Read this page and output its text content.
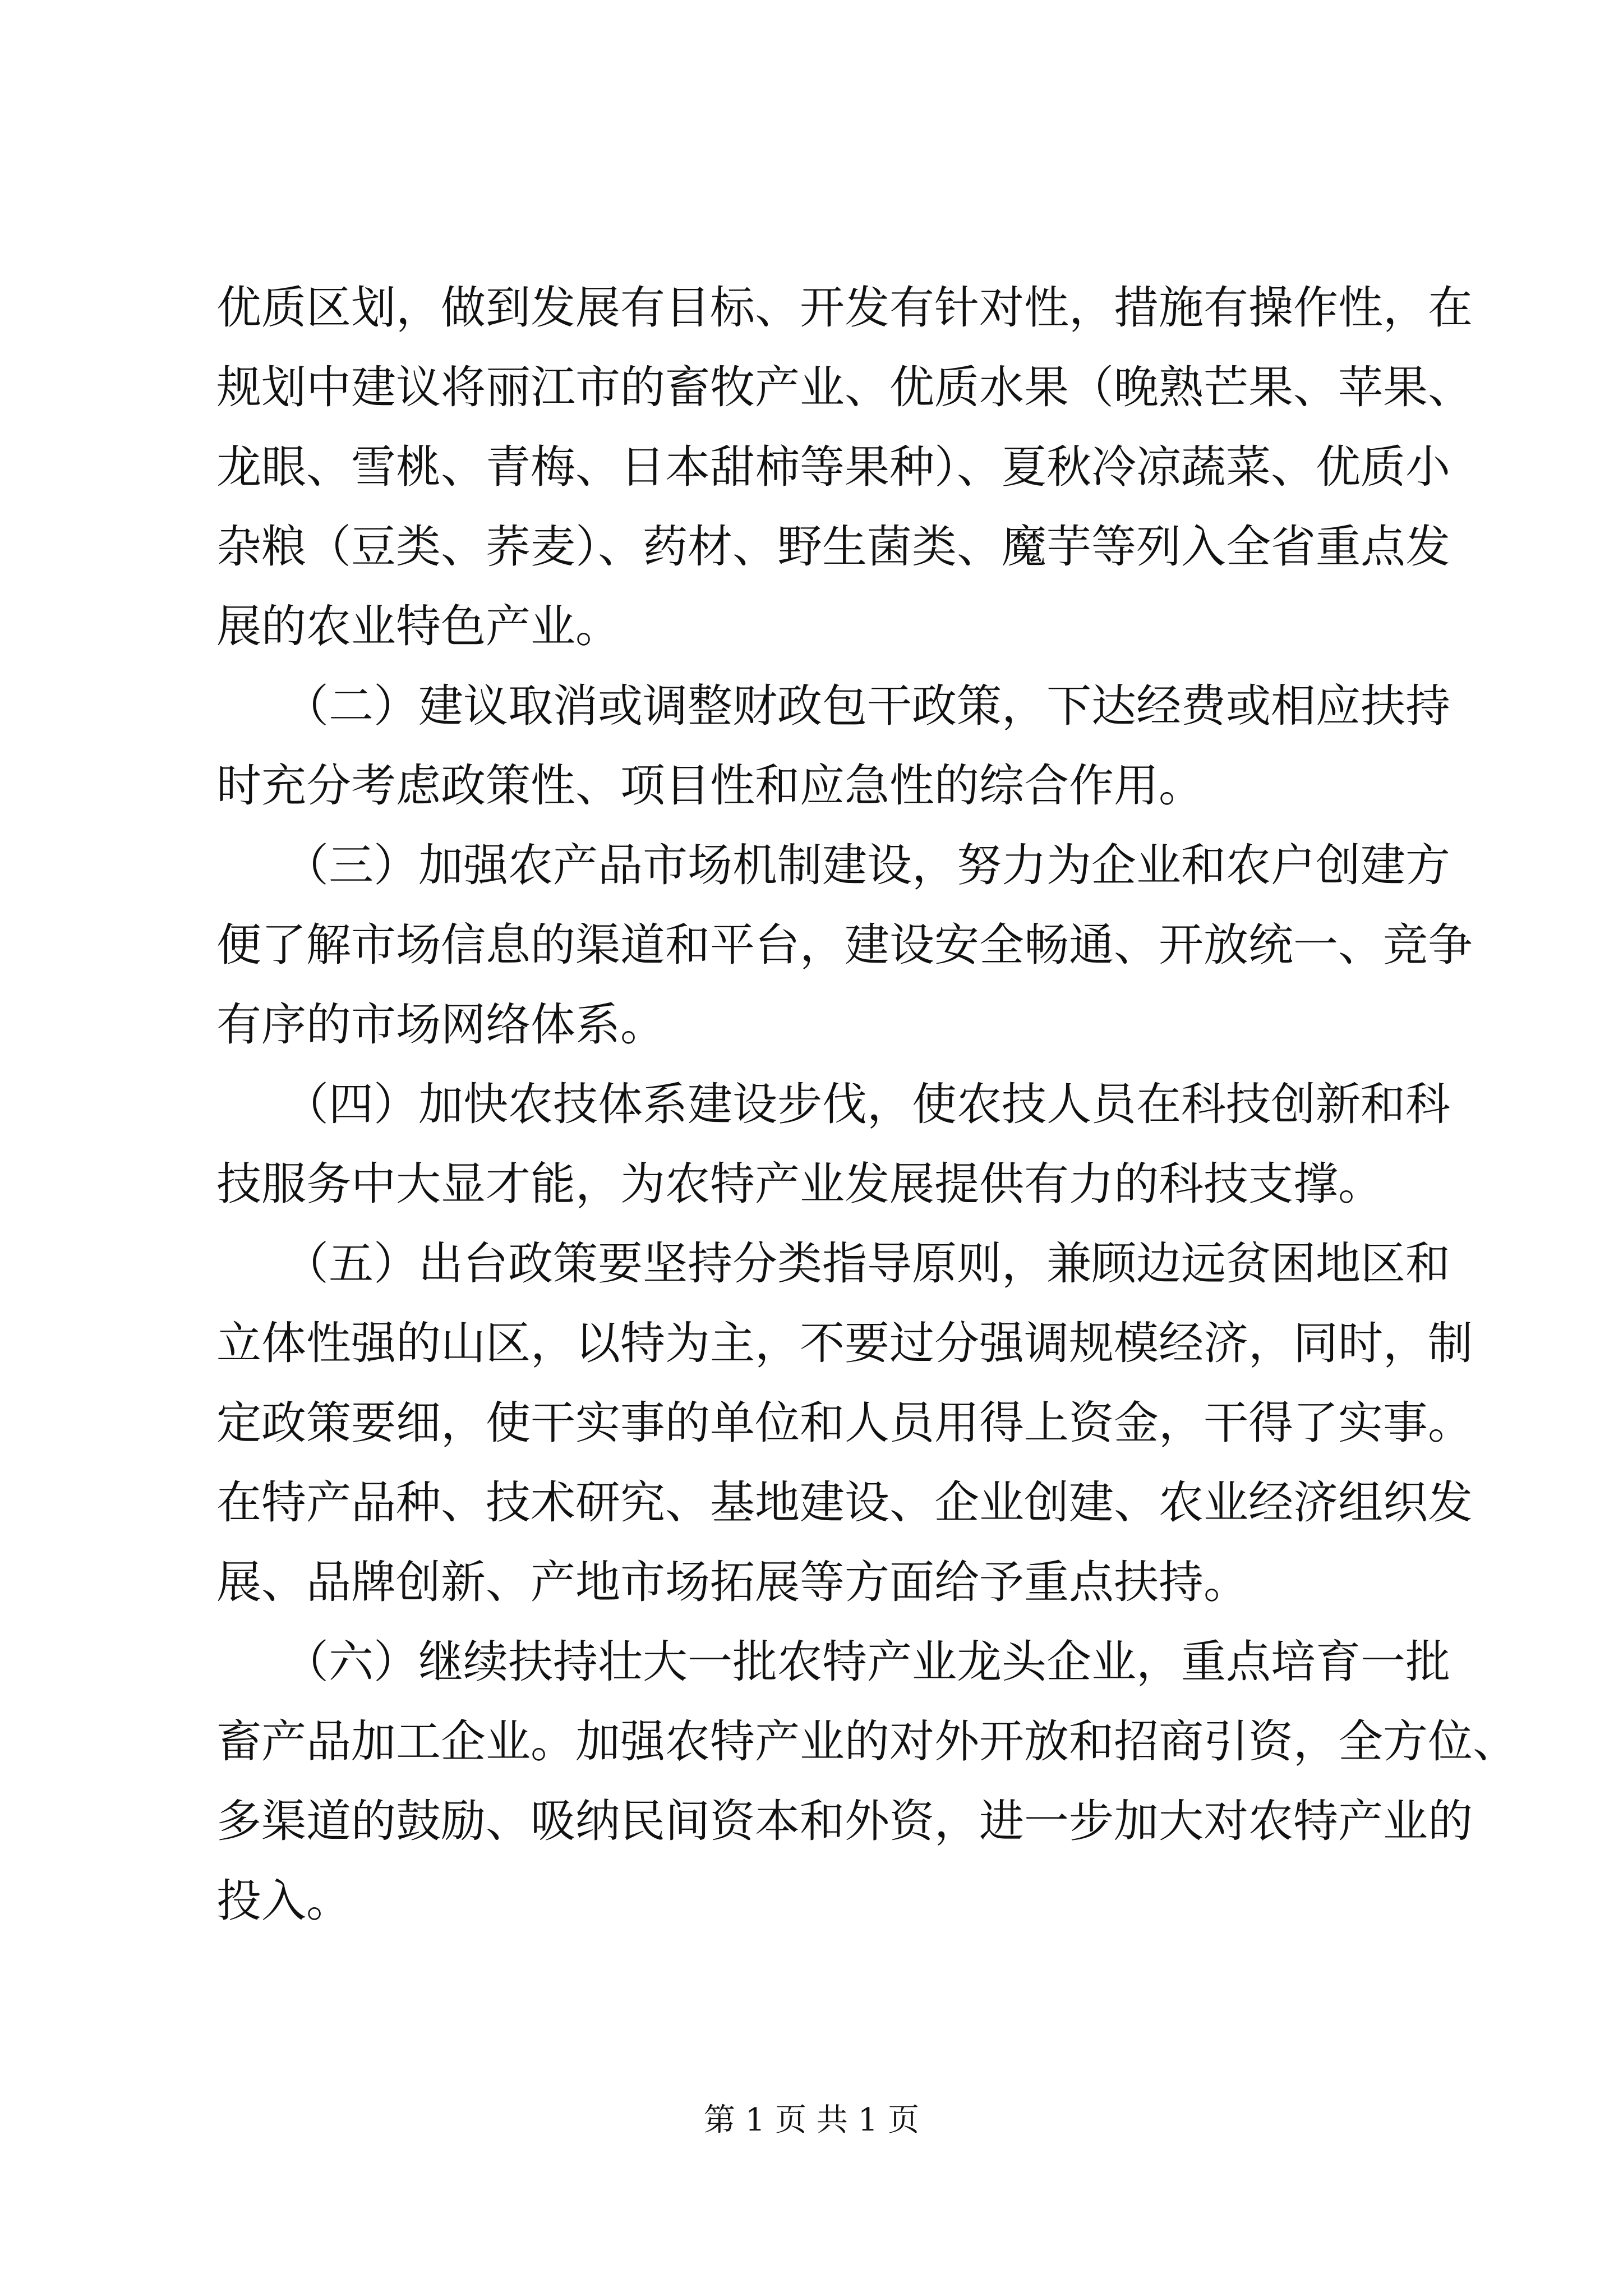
优质区划，做到发展有目标、开发有针对性，措施有操作性，在
规划中建议将丽江市的畜牧产业、优质水果（晚熟芒果、苹果、
龙眼、雪桃、青梅、日本甜柿等果种）、夏秋冷凉蔬菜、优质小
杂粮（豆类、荞麦）、药材、野生菌类、魔芋等列入全省重点发
展的农业特色产业。
　　（二）建议取消或调整财政包干政策，下达经费或相应扶持
时充分考虑政策性、项目性和应急性的综合作用。
　　（三）加强农产品市场机制建设，努力为企业和农户创建方
便了解市场信息的渠道和平台，建设安全畅通、开放统一、竞争
有序的市场网络体系。
　　（四）加快农技体系建设步伐，使农技人员在科技创新和科
技服务中大显才能，为农特产业发展提供有力的科技支撑。
　　（五）出台政策要坚持分类指导原则，兼顾边远贫困地区和
立体性强的山区，以特为主，不要过分强调规模经济，同时，制
定政策要细，使干实事的单位和人员用得上资金，干得了实事。
在特产品种、技术研究、基地建设、企业创建、农业经济组织发
展、品牌创新、产地市场拓展等方面给予重点扶持。
　　（六）继续扶持壮大一批农特产业龙头企业，重点培育一批
畜产品加工企业。加强农特产业的对外开放和招商引资，全方位、
多渠道的鼓励、吸纳民间资本和外资，进一步加大对农特产业的
投入。
第 1 页 共 1 页
